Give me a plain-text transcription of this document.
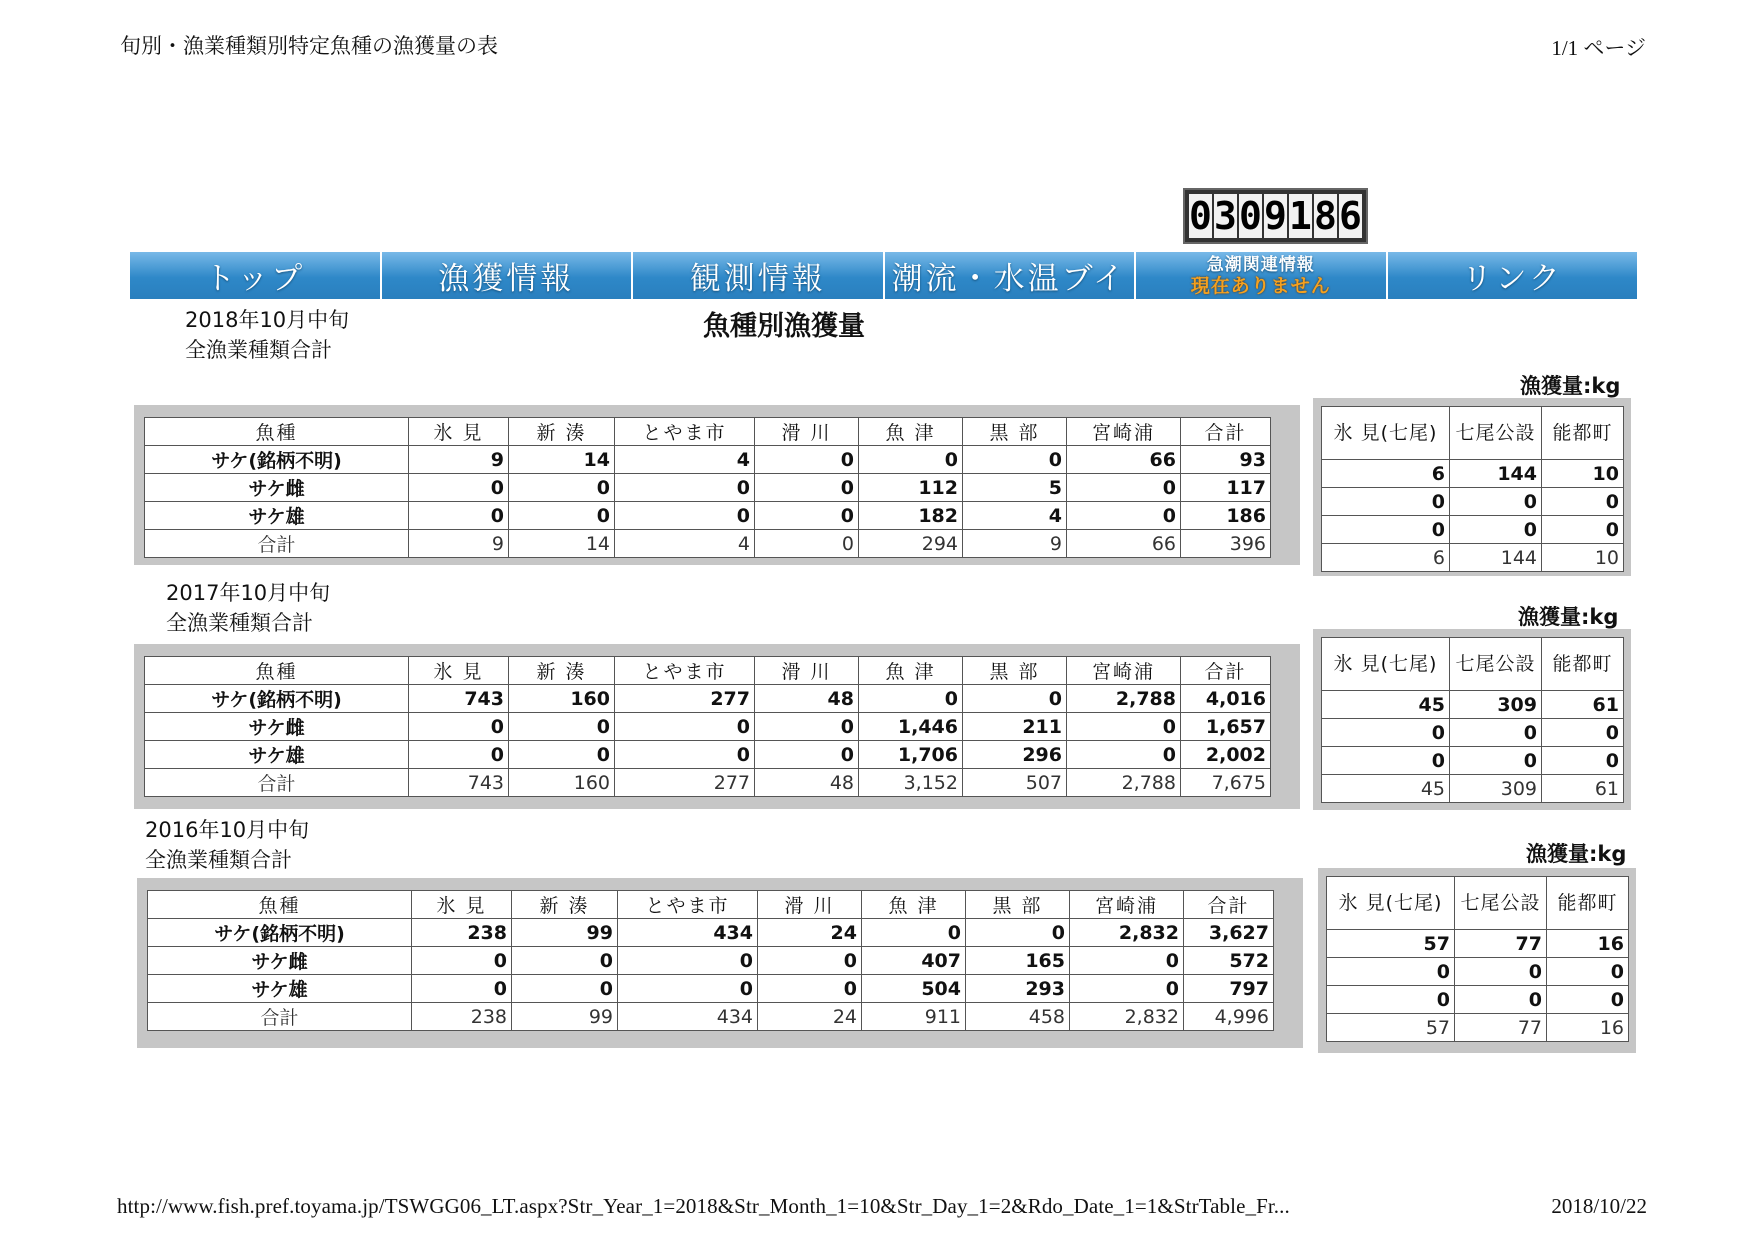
旬別・漁業種類別特定魚種の漁獲量の表	1/1 ページ
0 3 0 9 1 8 6
トップ	漁獲情報	観測情報	潮流・水温ブイ	急潮関連情報
現在ありません	リンク
魚種別漁獲量
2018年10月中旬
全漁業種類合計
漁獲量:kg
2017年10月中旬
全漁業種類合計	漁獲量:kg
2016年10月中旬
全漁業種類合計	漁獲量:kg
魚種	氷 見	新 湊	とやま市	滑 川	魚 津	黒 部	宮崎浦	合計
サケ(銘柄不明)	9	14	4	0	0	0	66	93
サケ雌	0	0	0	0	112	5	0	117
サケ雄	0	0	0	0	182	4	0	186
合計	9	14	4	0	294	9	66	396
魚種	氷 見	新 湊	とやま市	滑 川	魚 津	黒 部	宮崎浦	合計
サケ(銘柄不明)	743	160	277	48	0	0	2,788	4,016
サケ雌	0	0	0	0	1,446	211	0	1,657
サケ雄	0	0	0	0	1,706	296	0	2,002
合計	743	160	277	48	3,152	507	2,788	7,675
魚種	氷 見	新 湊	とやま市	滑 川	魚 津	黒 部	宮崎浦	合計
サケ(銘柄不明)	238	99	434	24	0	0	2,832	3,627
サケ雌	0	0	0	0	407	165	0	572
サケ雄	0	0	0	0	504	293	0	797
合計	238	99	434	24	911	458	2,832	4,996
氷 見(七尾)	七尾公設	能都町
6	144	10
0	0	0
0	0	0
6	144	10
氷 見(七尾)	七尾公設	能都町
45	309	61
0	0	0
0	0	0
45	309	61
氷 見(七尾)	七尾公設	能都町
57	77	16
0	0	0
0	0	0
57	77	16
http://www.fish.pref.toyama.jp/TSWGG06_LT.aspx?Str_Year_1=2018&Str_Month_1=10&Str_Day_1=2&Rdo_Date_1=1&StrTable_Fr...	2018/10/22
